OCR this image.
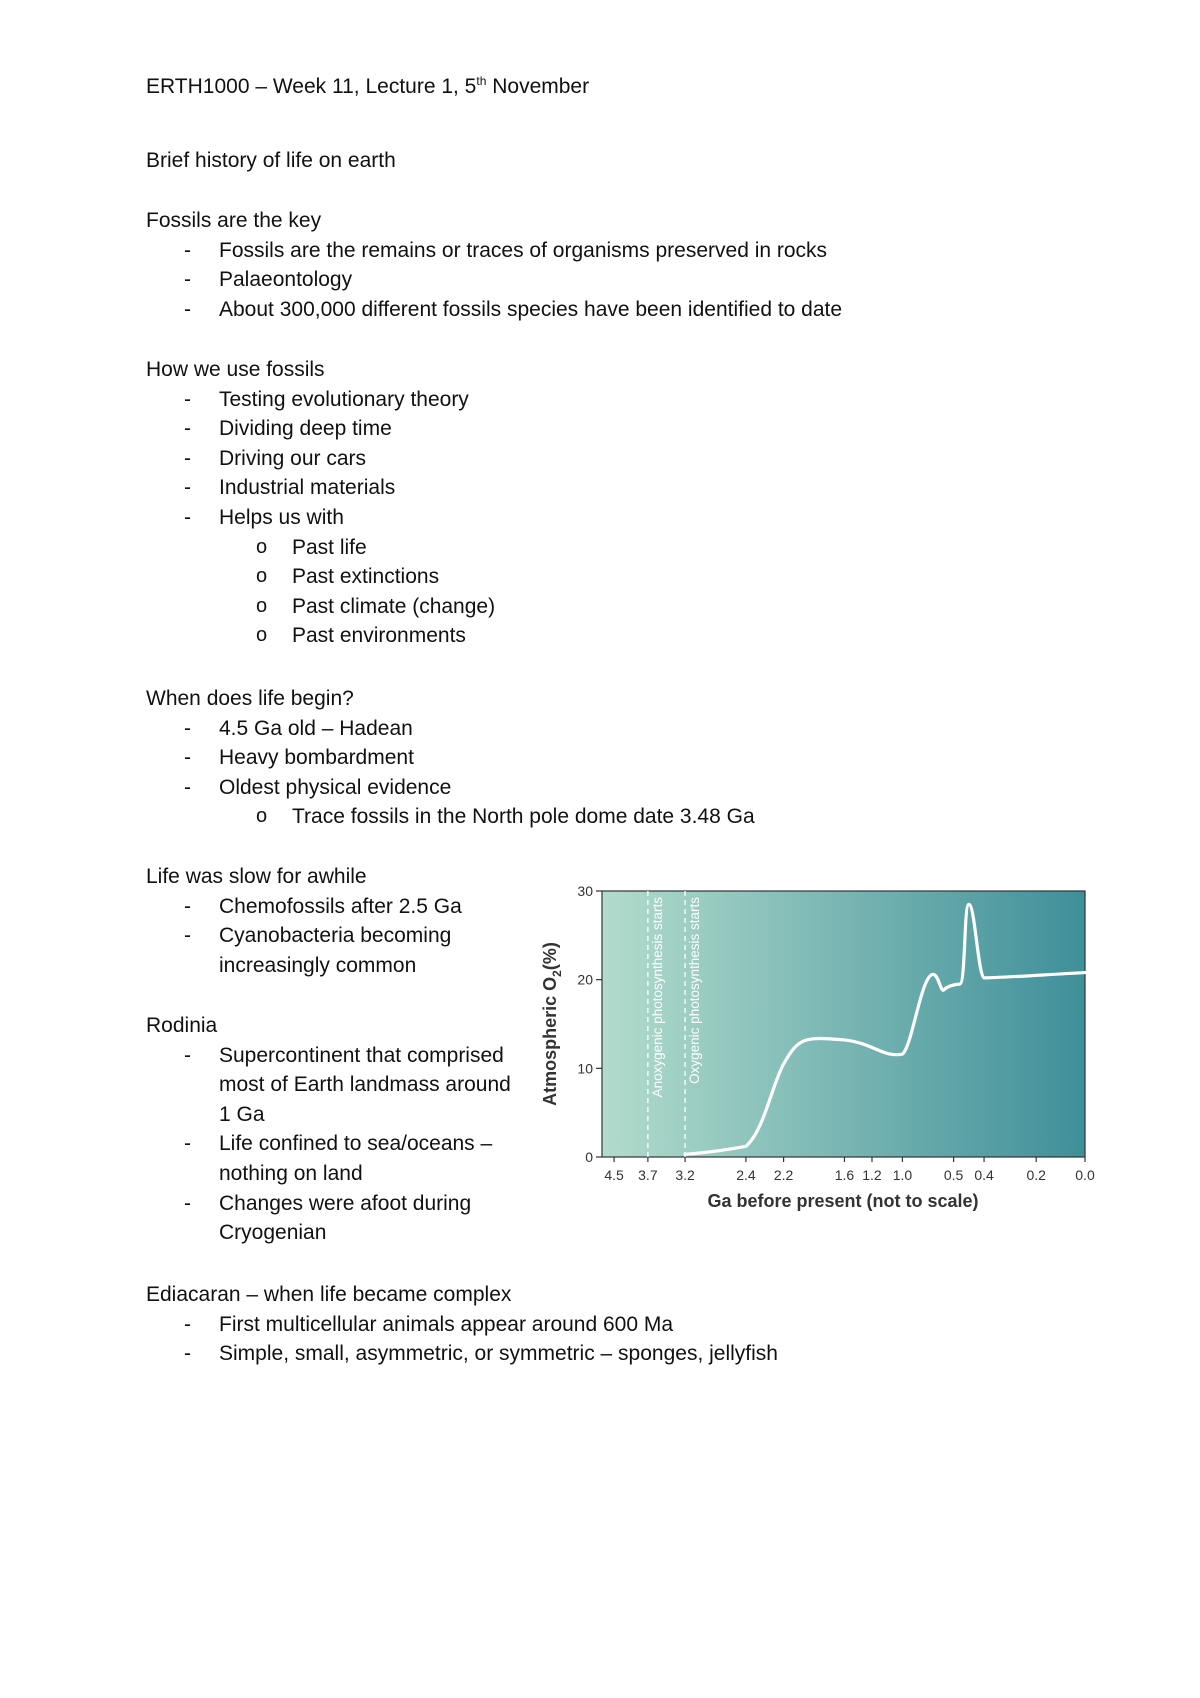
ERTH1000 – Week 11, Lecture 1, 5th November

Brief history of life on earth

Fossils are the key

- Fossils are the remains or traces of organisms preserved in rocks
- Palaeontology
- About 300,000 different fossils species have been identified to date

How we use fossils

- Testing evolutionary theory
- Dividing deep time
- Driving our cars
- Industrial materials
- Helps us with
o Past life
o Past extinctions
o Past climate (change)
o Past environments

When does life begin?

- 4.5 Ga old – Hadean
- Heavy bombardment
- Oldest physical evidence
o Trace fossils in the North pole dome date 3.48 Ga

Life was slow for awhile

- Chemofossils after 2.5 Ga
- Cyanobacteria becoming increasingly common

Rodinia

- Supercontinent that comprised most of Earth landmass around 1 Ga
- Life confined to sea/oceans – nothing on land
- Changes were afoot during Cryogenian

Ediacaran – when life became complex

- First multicellular animals appear around 600 Ma
- Simple, small, asymmetric, or symmetric – sponges, jellyfish
0
10
20
30
4.5 3.7 3.2	2.4 2.2	1.6 1.2 1.0 0.5 0.4 0.2 0.0
Anoxygenic photosynthesis starts Oxygenic photosynthesis starts
Ga before present (not to scale)
Atmospheric $O_2(\%)$
